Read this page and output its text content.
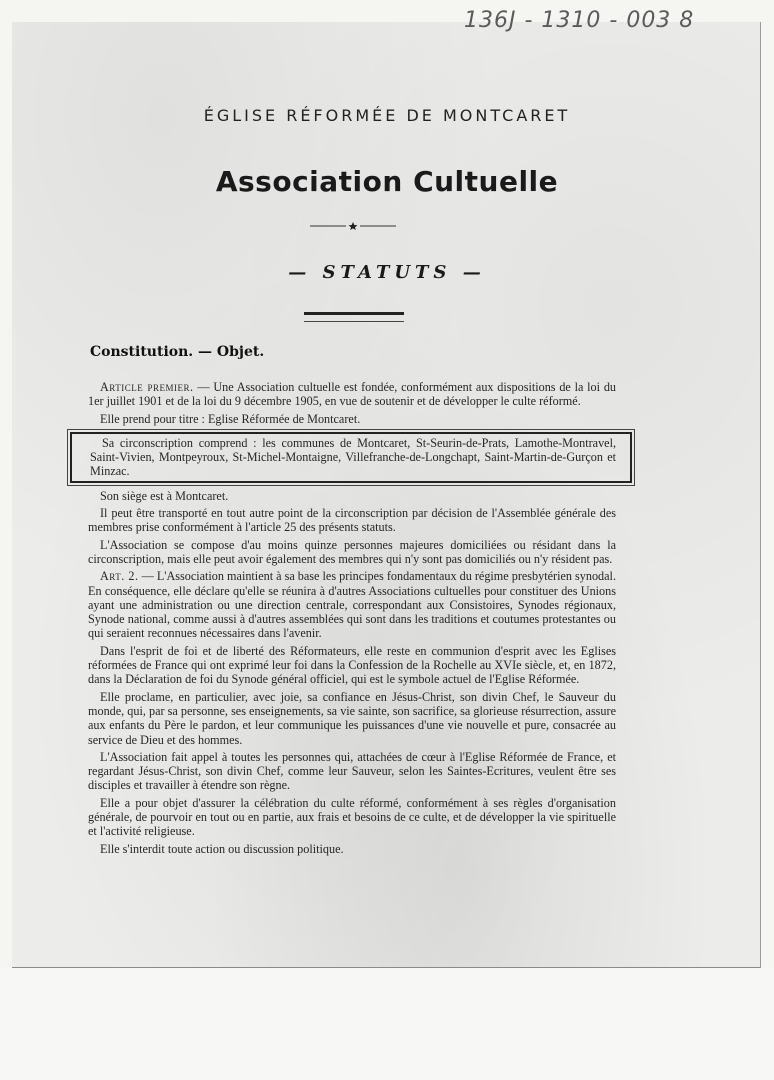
136J - 1310 - 003 8
ÉGLISE RÉFORMÉE DE MONTCARET
Association Cultuelle
— STATUTS —
Constitution. — Objet.

Article premier. — Une Association cultuelle est fondée, conformément aux dispositions de la loi du 1er juillet 1901 et de la loi du 9 décembre 1905, en vue de soutenir et de développer le culte réformé.

Elle prend pour titre : Eglise Réformée de Montcaret.

Sa circonscription comprend : les communes de Montcaret, St-Seurin-de-Prats, Lamothe-Montravel, Saint-Vivien, Montpeyroux, St-Michel-Montaigne, Villefranche-de-Longchapt, Saint-Martin-de-Gurçon et Minzac.

Son siège est à Montcaret.

Il peut être transporté en tout autre point de la circonscription par décision de l'Assemblée générale des membres prise conformément à l'article 25 des présents statuts.

L'Association se compose d'au moins quinze personnes majeures domiciliées ou résidant dans la circonscription, mais elle peut avoir également des membres qui n'y sont pas domiciliés ou n'y résident pas.

Art. 2. — L'Association maintient à sa base les principes fondamentaux du régime presbytérien synodal. En conséquence, elle déclare qu'elle se réunira à d'autres Associations cultuelles pour constituer des Unions ayant une administration ou une direction centrale, correspondant aux Consistoires, Synodes régionaux, Synode national, comme aussi à d'autres assemblées qui sont dans les traditions et coutumes protestantes ou qui seraient reconnues nécessaires dans l'avenir.

Dans l'esprit de foi et de liberté des Réformateurs, elle reste en communion d'esprit avec les Eglises réformées de France qui ont exprimé leur foi dans la Confession de la Rochelle au XVIe siècle, et, en 1872, dans la Déclaration de foi du Synode général officiel, qui est le symbole actuel de l'Eglise Réformée.

Elle proclame, en particulier, avec joie, sa confiance en Jésus-Christ, son divin Chef, le Sauveur du monde, qui, par sa personne, ses enseignements, sa vie sainte, son sacrifice, sa glorieuse résurrection, assure aux enfants du Père le pardon, et leur communique les puissances d'une vie nouvelle et pure, consacrée au service de Dieu et des hommes.

L'Association fait appel à toutes les personnes qui, attachées de cœur à l'Eglise Réformée de France, et regardant Jésus-Christ, son divin Chef, comme leur Sauveur, selon les Saintes-Ecritures, veulent être ses disciples et travailler à étendre son règne.

Elle a pour objet d'assurer la célébration du culte réformé, conformément à ses règles d'organisation générale, de pourvoir en tout ou en partie, aux frais et besoins de ce culte, et de développer la vie spirituelle et l'activité religieuse.

Elle s'interdit toute action ou discussion politique.
